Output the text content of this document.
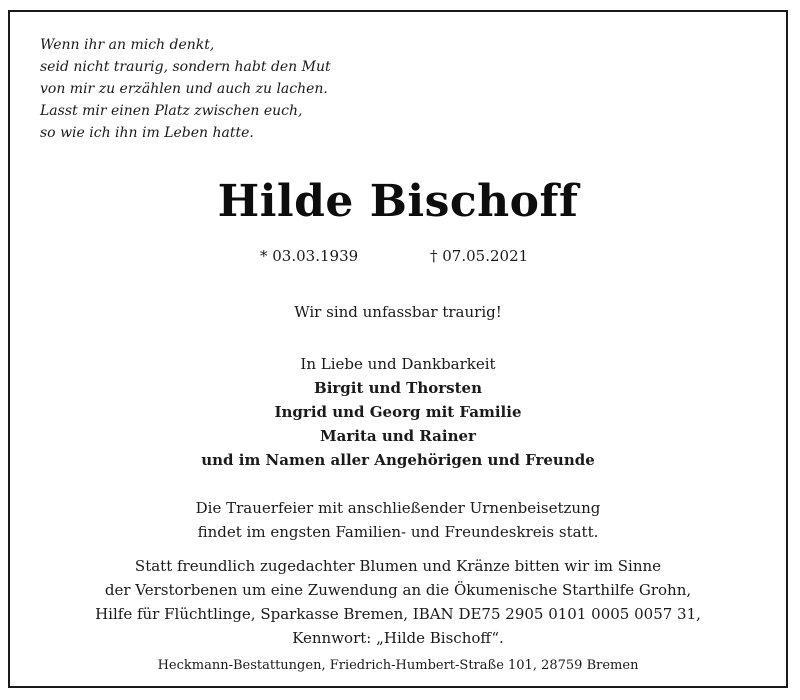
Wenn ihr an mich denkt,
seid nicht traurig, sondern habt den Mut
von mir zu erzählen und auch zu lachen.
Lasst mir einen Platz zwischen euch,
so wie ich ihn im Leben hatte.
Hilde Bischoff
* 03.03.1939	† 07.05.2021
Wir sind unfassbar traurig!
In Liebe und Dankbarkeit
Birgit und Thorsten
Ingrid und Georg mit Familie
Marita und Rainer
und im Namen aller Angehörigen und Freunde
Die Trauerfeier mit anschließender Urnenbeisetzung
findet im engsten Familien- und Freundeskreis statt.
Statt freundlich zugedachter Blumen und Kränze bitten wir im Sinne
der Verstorbenen um eine Zuwendung an die Ökumenische Starthilfe Grohn,
Hilfe für Flüchtlinge, Sparkasse Bremen, IBAN DE75 2905 0101 0005 0057 31,
Kennwort: „Hilde Bischoff“.
Heckmann-Bestattungen, Friedrich-Humbert-Straße 101, 28759 Bremen
